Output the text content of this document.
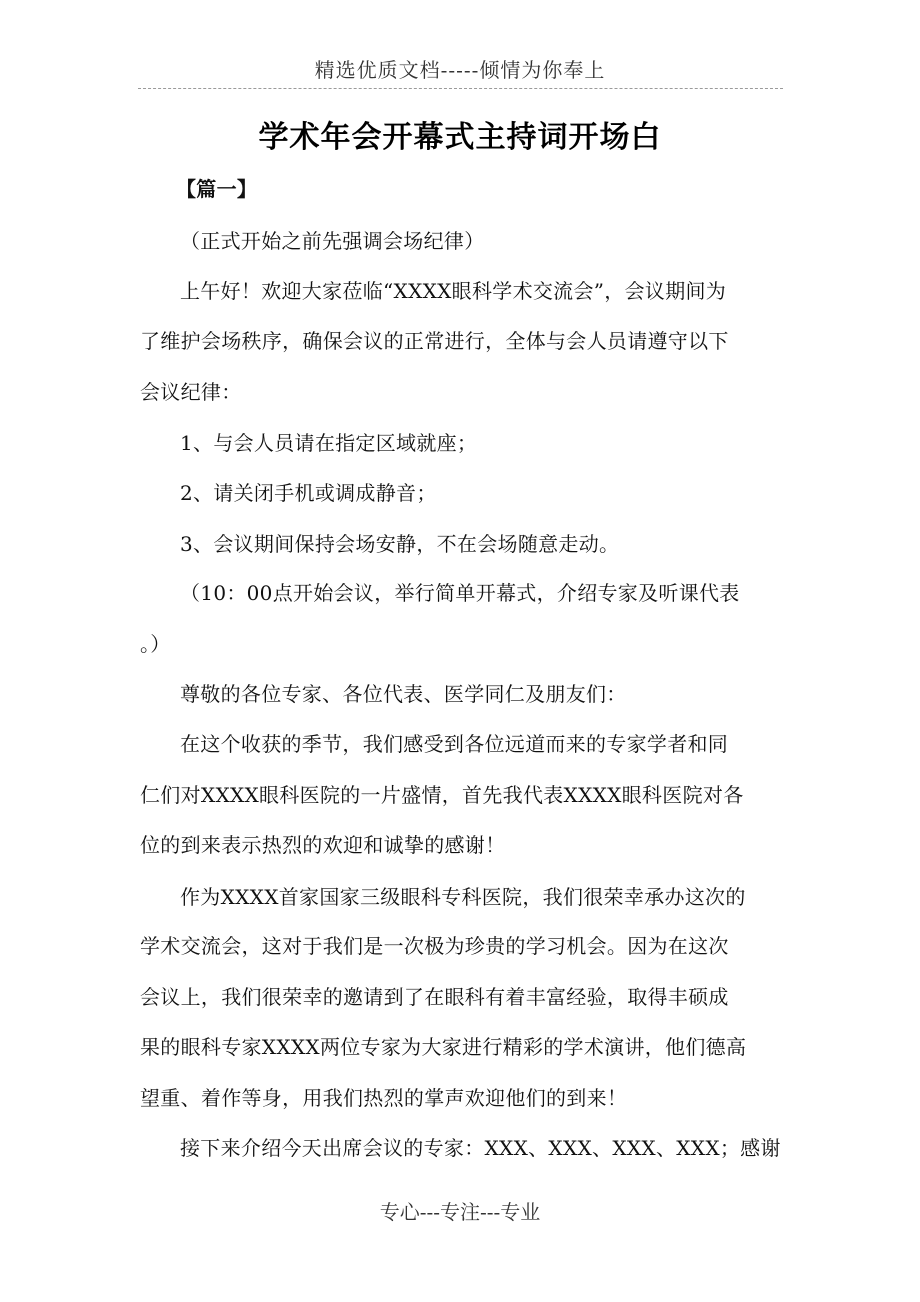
精选优质文档-----倾情为你奉上
学术年会开幕式主持词开场白
【篇一】
（正式开始之前先强调会场纪律）
上午好！欢迎大家莅临“XXXX眼科学术交流会”，会议期间为
了维护会场秩序，确保会议的正常进行，全体与会人员请遵守以下
会议纪律：
1、与会人员请在指定区域就座；
2、请关闭手机或调成静音；
3、会议期间保持会场安静，不在会场随意走动。
（10：00点开始会议，举行简单开幕式，介绍专家及听课代表
。）
尊敬的各位专家、各位代表、医学同仁及朋友们：
在这个收获的季节，我们感受到各位远道而来的专家学者和同
仁们对XXXX眼科医院的一片盛情，首先我代表XXXX眼科医院对各
位的到来表示热烈的欢迎和诚挚的感谢！
作为XXXX首家国家三级眼科专科医院，我们很荣幸承办这次的
学术交流会，这对于我们是一次极为珍贵的学习机会。因为在这次
会议上，我们很荣幸的邀请到了在眼科有着丰富经验，取得丰硕成
果的眼科专家XXXX两位专家为大家进行精彩的学术演讲，他们德高
望重、着作等身，用我们热烈的掌声欢迎他们的到来！
接下来介绍今天出席会议的专家：XXX、XXX、XXX、XXX；感谢
专心---专注---专业
